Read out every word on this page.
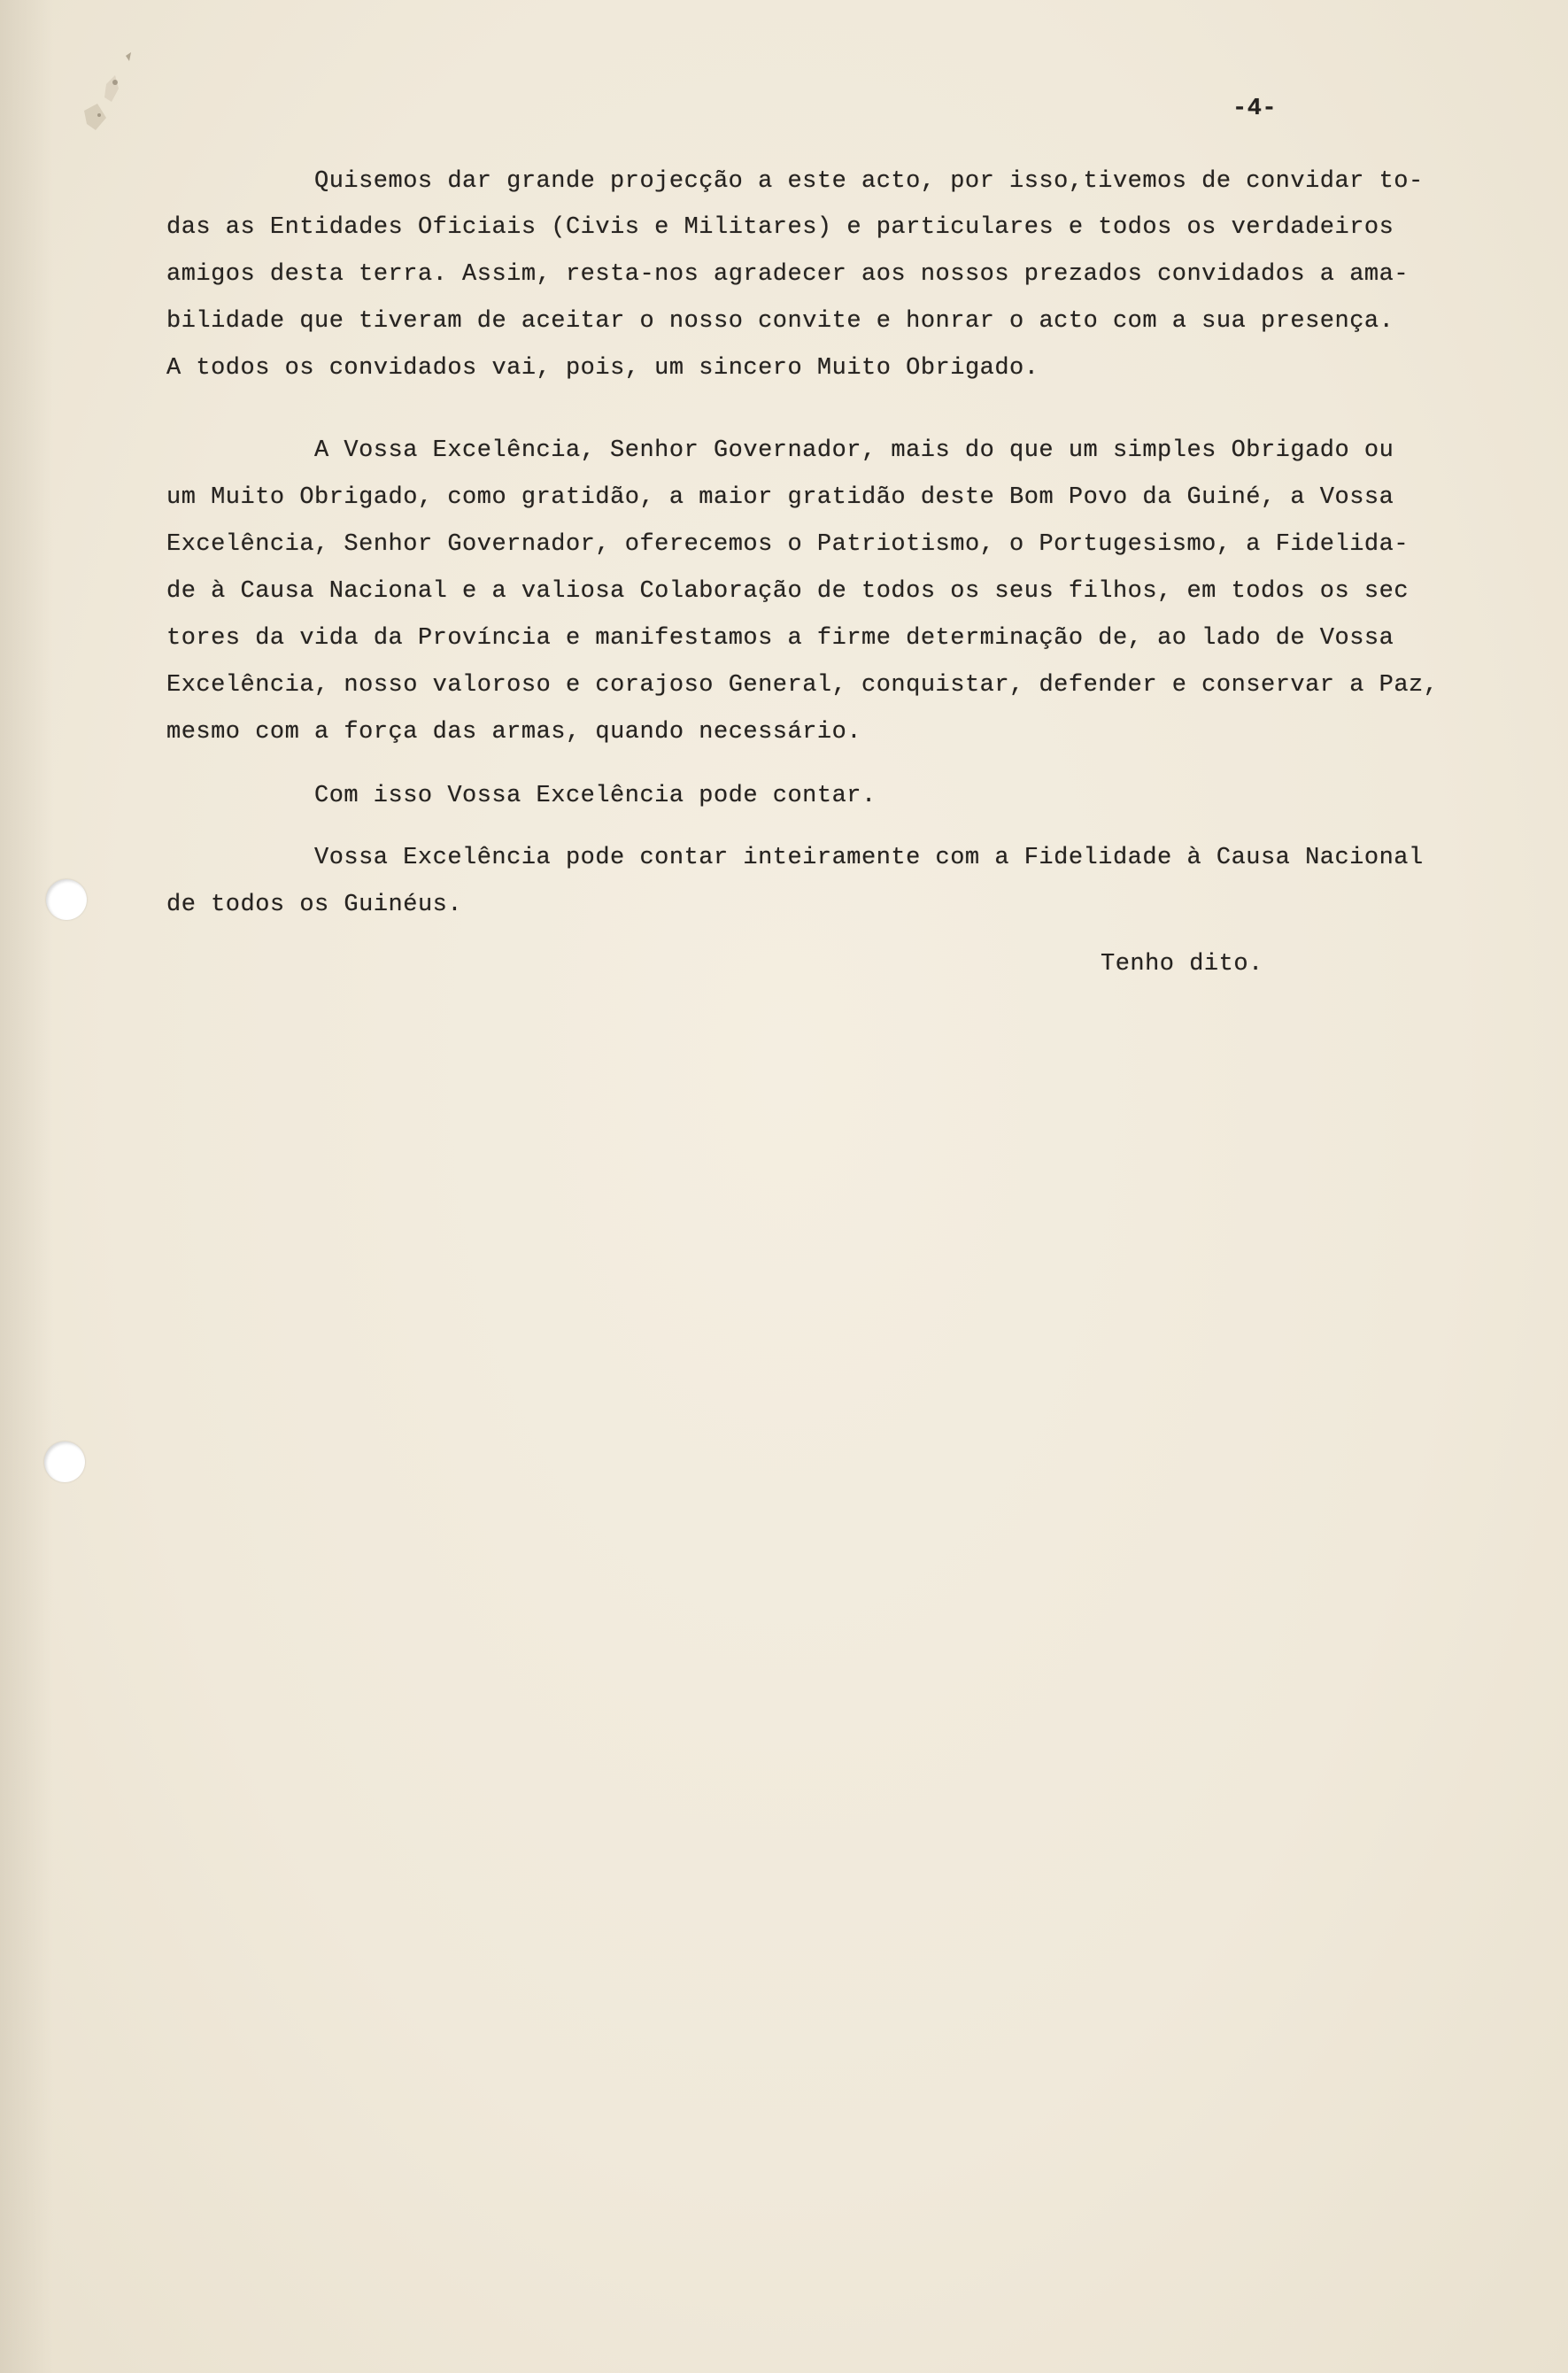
-4-
Quisemos dar grande projecção a este acto, por isso,tivemos de convidar to-
das as Entidades Oficiais (Civis e Militares) e particulares e todos os verdadeiros
amigos desta terra. Assim, resta-nos agradecer aos nossos prezados convidados a ama-
bilidade que tiveram de aceitar o nosso convite e honrar o acto com a sua presença.
A todos os convidados vai, pois, um sincero Muito Obrigado.
A Vossa Excelência, Senhor Governador, mais do que um simples Obrigado ou
um Muito Obrigado, como gratidão, a maior gratidão deste Bom Povo da Guiné, a Vossa
Excelência, Senhor Governador, oferecemos o Patriotismo, o Portugesismo, a Fidelida-
de à Causa Nacional e a valiosa Colaboração de todos os seus filhos, em todos os sec
tores da vida da Província e manifestamos a firme determinação de, ao lado de Vossa
Excelência, nosso valoroso e corajoso General, conquistar, defender e conservar a Paz,
mesmo com a força das armas, quando necessário.
Com isso Vossa Excelência pode contar.
Vossa Excelência pode contar inteiramente com a Fidelidade à Causa Nacional
de todos os Guinéus.
Tenho dito.
